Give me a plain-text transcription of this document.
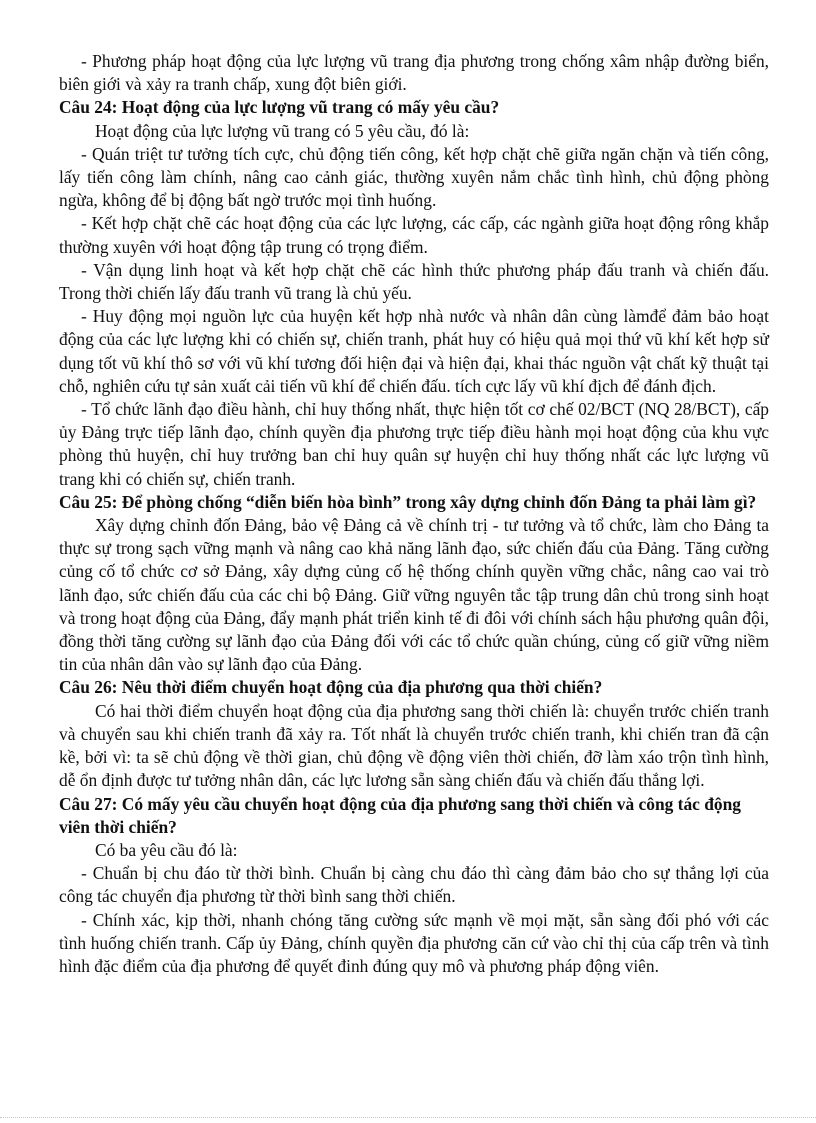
- Phương pháp hoạt động của lực lượng vũ trang địa phương trong chống xâm nhập đường biển, biên giới và xảy ra tranh chấp, xung đột biên giới.

Câu 24: Hoạt động của lực lượng vũ trang có mấy yêu cầu?

Hoạt động của lực lượng vũ trang có 5 yêu cầu, đó là:

- Quán triệt tư tưởng tích cực, chủ động tiến công, kết hợp chặt chẽ giữa ngăn chặn và tiến công, lấy tiến công làm chính, nâng cao cảnh giác, thường xuyên nắm chắc tình hình, chủ động phòng ngừa, không để bị động bất ngờ trước mọi tình huống.

- Kết hợp chặt chẽ các hoạt động của các lực lượng, các cấp, các ngành giữa hoạt động rông khắp thường xuyên với hoạt động tập trung có trọng điểm.

- Vận dụng linh hoạt và kết hợp chặt chẽ các hình thức phương pháp đấu tranh và chiến đấu. Trong thời chiến lấy đấu tranh vũ trang là chủ yếu.

- Huy động mọi nguồn lực của huyện kết hợp nhà nước và nhân dân cùng làmđể đảm bảo hoạt động của các lực lượng khi có chiến sự, chiến tranh, phát huy có hiệu quả mọi thứ vũ khí kết hợp sử dụng tốt vũ khí thô sơ với vũ khí tương đối hiện đại và hiện đại, khai thác nguồn vật chất kỹ thuật tại chỗ, nghiên cứu tự sản xuất cải tiến vũ khí để chiến đấu. tích cực lấy vũ khí địch để đánh địch.

- Tổ chức lãnh đạo điều hành, chỉ huy thống nhất, thực hiện tốt cơ chế 02/BCT (NQ 28/BCT), cấp ủy Đảng trực tiếp lãnh đạo, chính quyền địa phương trực tiếp điều hành mọi hoạt động của khu vực phòng thủ huyện, chỉ huy trưởng ban chỉ huy quân sự huyện chỉ huy thống nhất các lực lượng vũ trang khi có chiến sự, chiến tranh.

Câu 25: Để phòng chống “diễn biến hòa bình” trong xây dựng chỉnh đốn Đảng ta phải làm gì?

Xây dựng chỉnh đốn Đảng, bảo vệ Đảng cả về chính trị - tư tưởng và tổ chức, làm cho Đảng ta thực sự trong sạch vững mạnh và nâng cao khả năng lãnh đạo, sức chiến đấu của Đảng. Tăng cường củng cố tổ chức cơ sở Đảng, xây dựng củng cố hệ thống chính quyền vững chắc, nâng cao vai trò lãnh đạo, sức chiến đấu của các chi bộ Đảng. Giữ vững nguyên tắc tập trung dân chủ trong sinh hoạt và trong hoạt động của Đảng, đẩy mạnh phát triển kinh tế đi đôi với chính sách hậu phương quân đội, đồng thời tăng cường sự lãnh đạo của Đảng đối với các tổ chức quần chúng, củng cố giữ vững niềm tin của nhân dân vào sự lãnh đạo của Đảng.

Câu 26: Nêu thời điểm chuyển hoạt động của địa phương qua thời chiến?

Có hai thời điểm chuyển hoạt động của địa phương sang thời chiến là: chuyển trước chiến tranh và chuyển sau khi chiến tranh đã xảy ra. Tốt nhất là chuyển trước chiến tranh, khi chiến tran đã cận kề, bởi vì: ta sẽ chủ động về thời gian, chủ động về động viên thời chiến, đỡ làm xáo trộn tình hình, dễ ổn định được tư tưởng nhân dân, các lực lương sẵn sàng chiến đấu và chiến đấu thắng lợi.

Câu 27: Có mấy yêu cầu chuyển hoạt động của địa phương sang thời chiến và công tác động viên thời chiến?

Có ba yêu cầu đó là:

- Chuẩn bị chu đáo từ thời bình. Chuẩn bị càng chu đáo thì càng đảm bảo cho sự thắng lợi của công tác chuyển địa phương từ thời bình sang thời chiến.

- Chính xác, kịp thời, nhanh chóng tăng cường sức mạnh về mọi mặt, sẵn sàng đối phó với các tình huống chiến tranh. Cấp ủy Đảng, chính quyền địa phương căn cứ vào chỉ thị của cấp trên và tình hình đặc điểm của địa phương để quyết đinh đúng quy mô và phương pháp động viên.
